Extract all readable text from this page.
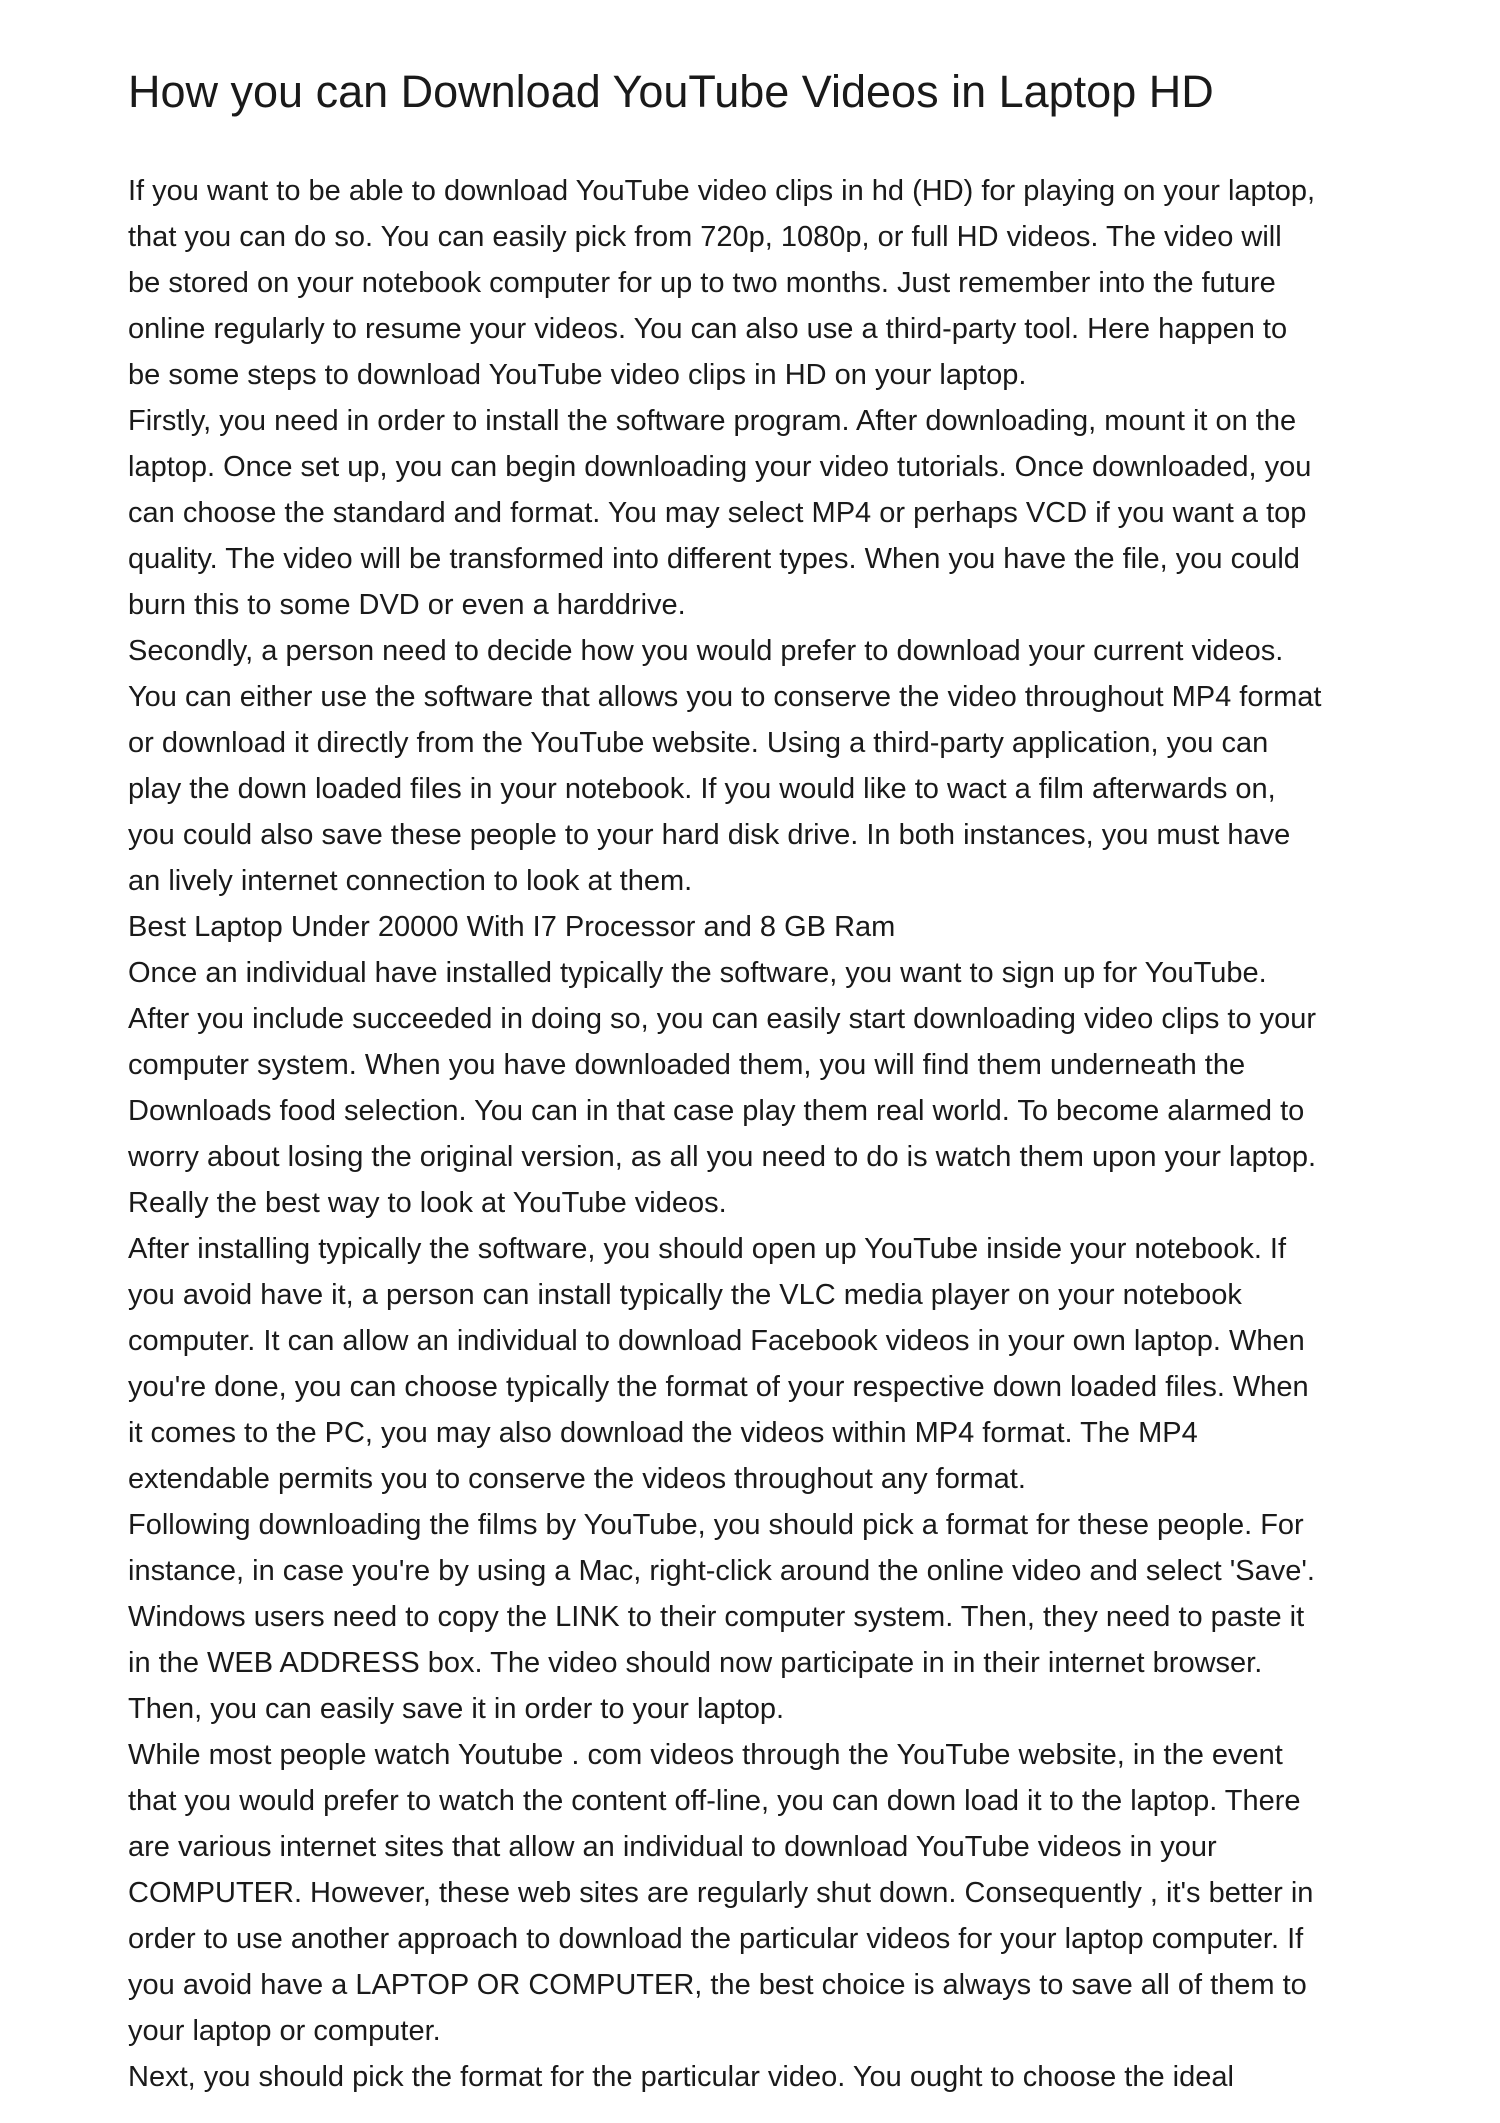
How you can Download YouTube Videos in Laptop HD
If you want to be able to download YouTube video clips in hd (HD) for playing on your laptop,
that you can do so. You can easily pick from 720p, 1080p, or full HD videos. The video will
be stored on your notebook computer for up to two months. Just remember into the future
online regularly to resume your videos. You can also use a third-party tool. Here happen to
be some steps to download YouTube video clips in HD on your laptop.
Firstly, you need in order to install the software program. After downloading, mount it on the
laptop. Once set up, you can begin downloading your video tutorials. Once downloaded, you
can choose the standard and format. You may select MP4 or perhaps VCD if you want a top
quality. The video will be transformed into different types. When you have the file, you could
burn this to some DVD or even a harddrive.
Secondly, a person need to decide how you would prefer to download your current videos.
You can either use the software that allows you to conserve the video throughout MP4 format
or download it directly from the YouTube website. Using a third-party application, you can
play the down loaded files in your notebook. If you would like to wact a film afterwards on,
you could also save these people to your hard disk drive. In both instances, you must have
an lively internet connection to look at them.
Best Laptop Under 20000 With I7 Processor and 8 GB Ram
Once an individual have installed typically the software, you want to sign up for YouTube.
After you include succeeded in doing so, you can easily start downloading video clips to your
computer system. When you have downloaded them, you will find them underneath the
Downloads food selection. You can in that case play them real world. To become alarmed to
worry about losing the original version, as all you need to do is watch them upon your laptop.
Really the best way to look at YouTube videos.
After installing typically the software, you should open up YouTube inside your notebook. If
you avoid have it, a person can install typically the VLC media player on your notebook
computer. It can allow an individual to download Facebook videos in your own laptop. When
you're done, you can choose typically the format of your respective down loaded files. When
it comes to the PC, you may also download the videos within MP4 format. The MP4
extendable permits you to conserve the videos throughout any format.
Following downloading the films by YouTube, you should pick a format for these people. For
instance, in case you're by using a Mac, right-click around the online video and select 'Save'.
Windows users need to copy the LINK to their computer system. Then, they need to paste it
in the WEB ADDRESS box. The video should now participate in in their internet browser.
Then, you can easily save it in order to your laptop.
While most people watch Youtube . com videos through the YouTube website, in the event
that you would prefer to watch the content off-line, you can down load it to the laptop. There
are various internet sites that allow an individual to download YouTube videos in your
COMPUTER. However, these web sites are regularly shut down. Consequently , it's better in
order to use another approach to download the particular videos for your laptop computer. If
you avoid have a LAPTOP OR COMPUTER, the best choice is always to save all of them to
your laptop or computer.
Next, you should pick the format for the particular video. You ought to choose the ideal
